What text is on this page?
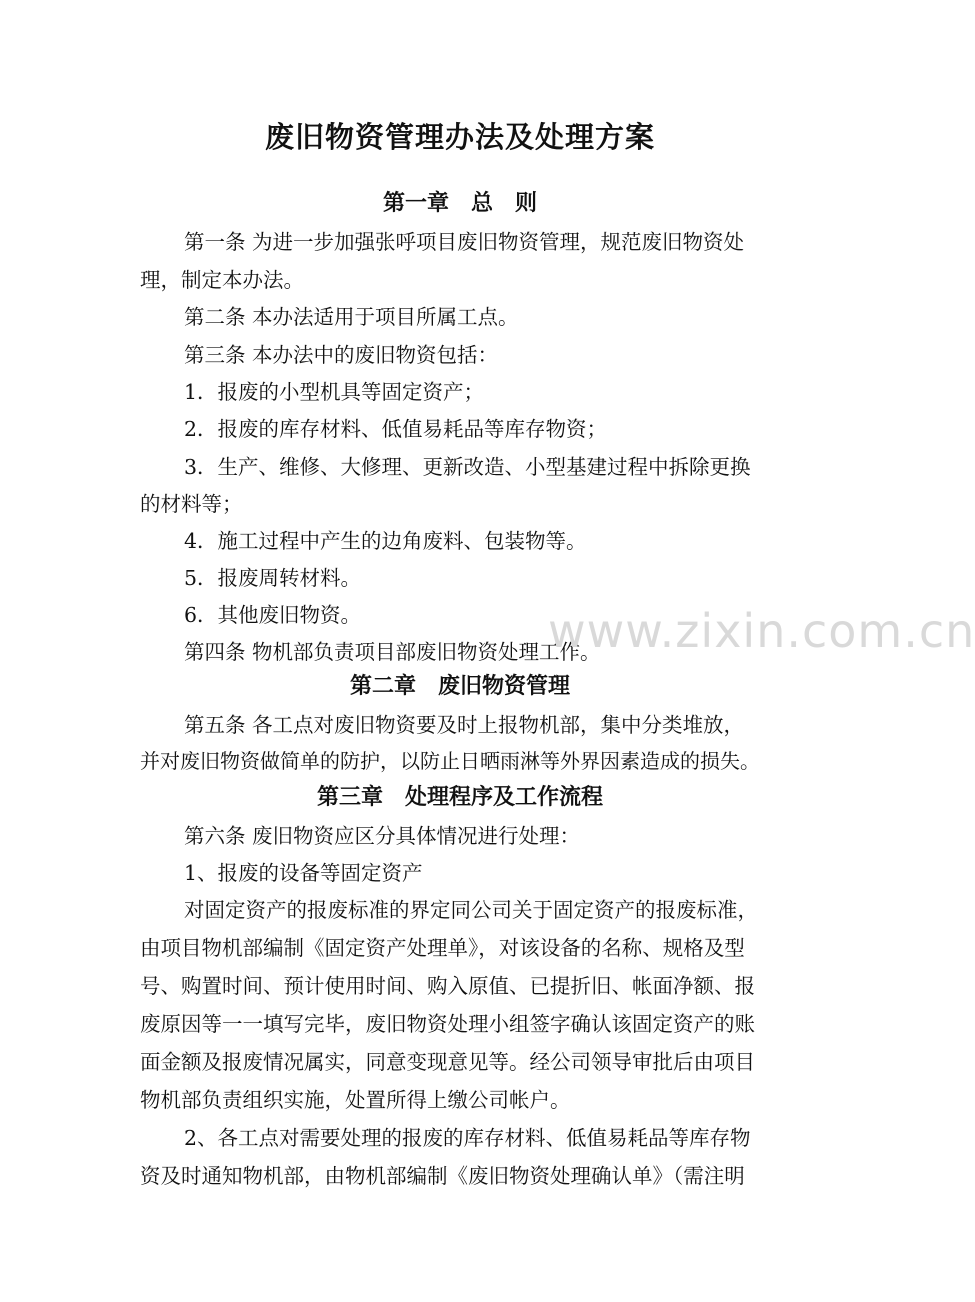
废旧物资管理办法及处理方案
第一章　总　则
第一条 为进一步加强张呼项目废旧物资管理，规范废旧物资处
理，制定本办法。
第二条 本办法适用于项目所属工点。
第三条 本办法中的废旧物资包括：
1．报废的小型机具等固定资产；
2．报废的库存材料、低值易耗品等库存物资；
3．生产、维修、大修理、更新改造、小型基建过程中拆除更换
的材料等；
4．施工过程中产生的边角废料、包装物等。
5．报废周转材料。
6．其他废旧物资。
第四条 物机部负责项目部废旧物资处理工作。
第二章　废旧物资管理
第五条 各工点对废旧物资要及时上报物机部，集中分类堆放，
并对废旧物资做简单的防护，以防止日晒雨淋等外界因素造成的损失。
第三章　处理程序及工作流程
第六条 废旧物资应区分具体情况进行处理：
1、报废的设备等固定资产
对固定资产的报废标准的界定同公司关于固定资产的报废标准，
由项目物机部编制《固定资产处理单》，对该设备的名称、规格及型
号、购置时间、预计使用时间、购入原值、已提折旧、帐面净额、报
废原因等一一填写完毕，废旧物资处理小组签字确认该固定资产的账
面金额及报废情况属实，同意变现意见等。经公司领导审批后由项目
物机部负责组织实施，处置所得上缴公司帐户。
2、各工点对需要处理的报废的库存材料、低值易耗品等库存物
资及时通知物机部，由物机部编制《废旧物资处理确认单》（需注明
www.zixin.com.cn
